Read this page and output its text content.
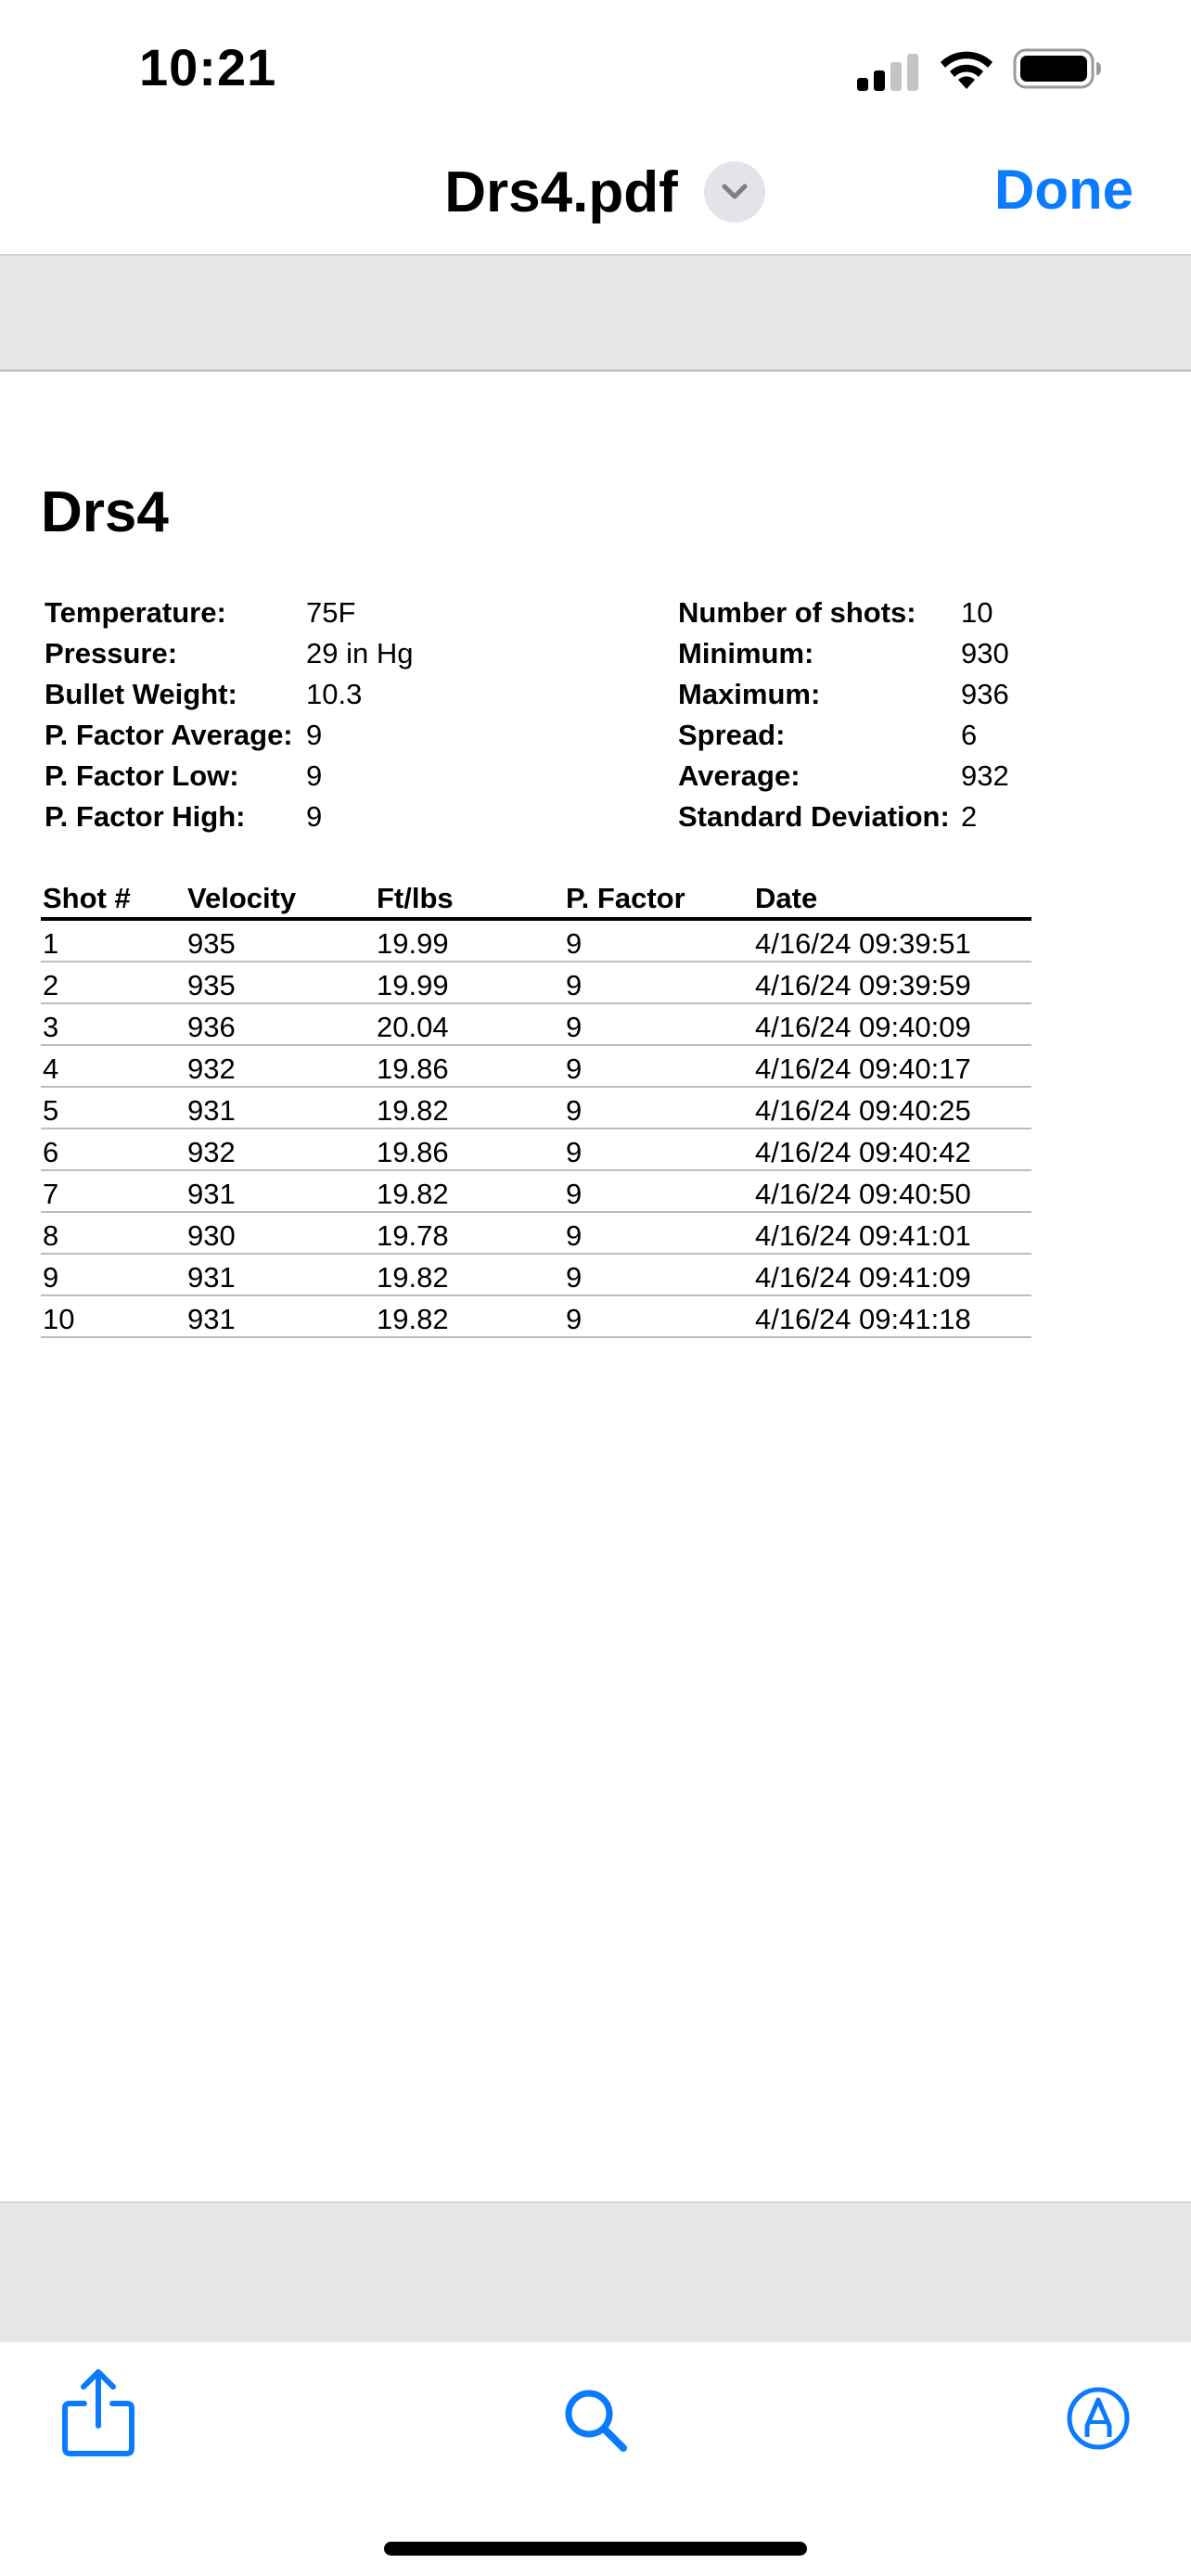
10:21
Drs4.pdf	Done
Drs4
Temperature:	75F
Pressure:	29 in Hg
Bullet Weight:	10.3
P. Factor Average: 9
P. Factor Low:	9
P. Factor High:	9
Number of shots:	10
Minimum:	930
Maximum:	936
Spread:	6
Average:	932
Standard Deviation: 2
Shot #	Velocity	Ft/lbs	P. Factor	Date
1	935	19.99	9	4/16/24 09:39:51
2	935	19.99	9	4/16/24 09:39:59
3	936	20.04	9	4/16/24 09:40:09
4	932	19.86	9	4/16/24 09:40:17
5	931	19.82	9	4/16/24 09:40:25
6	932	19.86	9	4/16/24 09:40:42
7	931	19.82	9	4/16/24 09:40:50
8	930	19.78	9	4/16/24 09:41:01
9	931	19.82	9	4/16/24 09:41:09
10	931	19.82	9	4/16/24 09:41:18
